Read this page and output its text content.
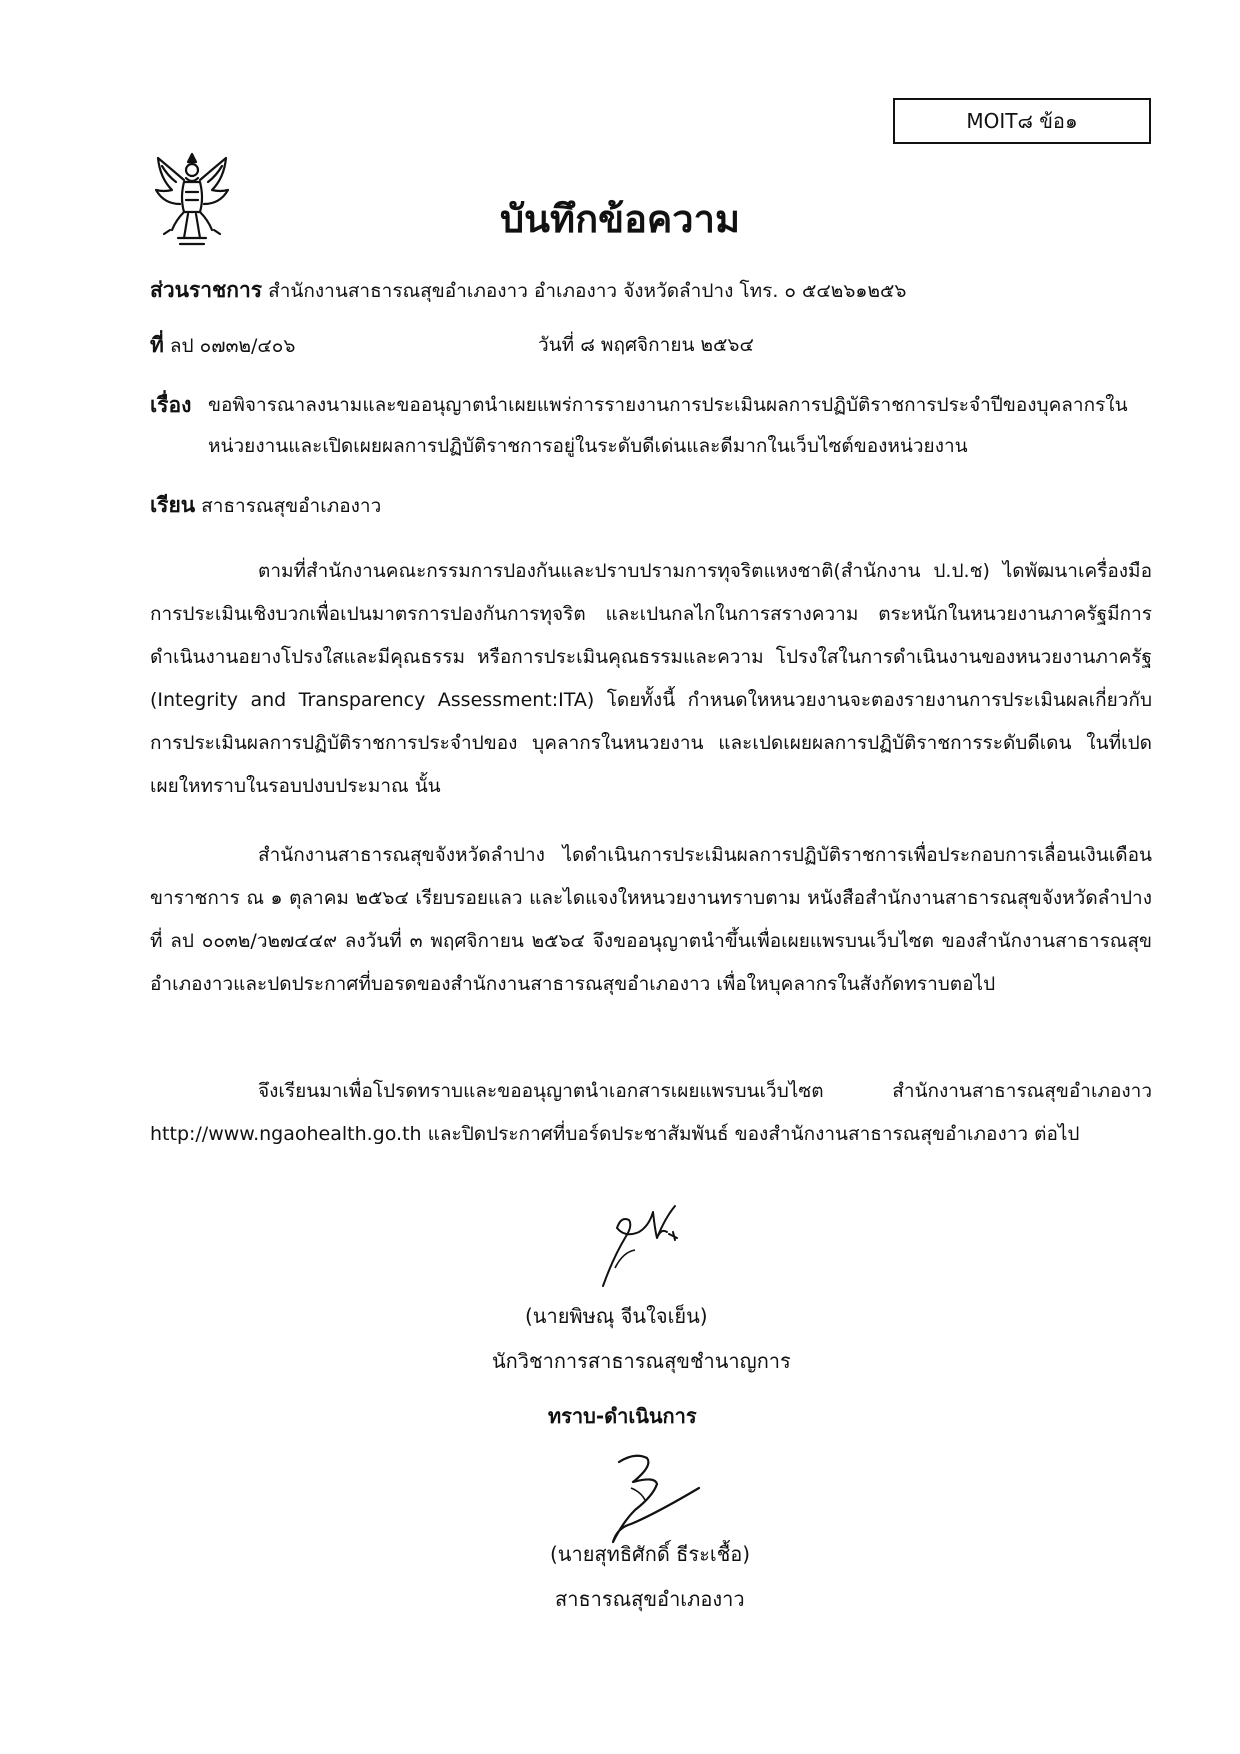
MOIT๘ ข้อ๑
บันทึกข้อความ
ส่วนราชการ สำนักงานสาธารณสุขอำเภองาว อำเภองาว จังหวัดลำปาง โทร. ๐ ๕๔๒๖๑๒๕๖
ที่ ลป ๐๗๓๒/๔๐๖	วันที่ ๘ พฤศจิกายน ๒๕๖๔
เรื่อง ขอพิจารณาลงนามและขออนุญาตนำเผยแพร่การรายงานการประเมินผลการปฏิบัติราชการประจำปีของบุคลากรในหน่วยงานและเปิดเผยผลการปฏิบัติราชการอยู่ในระดับดีเด่นและดีมากในเว็บไซต์ของหน่วยงาน
เรียน สาธารณสุขอำเภองาว
ตามที่สำนักงานคณะกรรมการปองกันและปราบปรามการทุจริตแหงชาติ(สำนักงาน ป.ป.ช) ไดพัฒนาเครื่องมือการประเมินเชิงบวกเพื่อเปนมาตรการปองกันการทุจริต และเปนกลไกในการสรางความ ตระหนักในหนวยงานภาครัฐมีการดำเนินงานอยางโปรงใสและมีคุณธรรม หรือการประเมินคุณธรรมและความ โปรงใสในการดำเนินงานของหนวยงานภาครัฐ (Integrity and Transparency Assessment:ITA) โดยทั้งนี้ กำหนดใหหนวยงานจะตองรายงานการประเมินผลเกี่ยวกับการประเมินผลการปฏิบัติราชการประจำปของ บุคลากรในหนวยงาน และเปดเผยผลการปฏิบัติราชการระดับดีเดน ในที่เปดเผยใหทราบในรอบปงบประมาณ นั้น
สำนักงานสาธารณสุขจังหวัดลำปาง ไดดำเนินการประเมินผลการปฏิบัติราชการเพื่อประกอบการเลื่อนเงินเดือนขาราชการ ณ ๑ ตุลาคม ๒๕๖๔ เรียบรอยแลว และไดแจงใหหนวยงานทราบตาม หนังสือสำนักงานสาธารณสุขจังหวัดลำปาง ที่ ลป ๐๐๓๒/ว๒๗๔๔๙ ลงวันที่ ๓ พฤศจิกายน ๒๕๖๔ จึงขออนุญาตนำขึ้นเพื่อเผยแพรบนเว็บไซต ของสำนักงานสาธารณสุขอำเภองาวและปดประกาศที่บอรดของสำนักงานสาธารณสุขอำเภองาว เพื่อใหบุคลากรในสังกัดทราบตอไป
จึงเรียนมาเพื่อโปรดทราบและขออนุญาตนำเอกสารเผยแพรบนเว็บไซต สำนักงานสาธารณสุขอำเภองาว http://www.ngaohealth.go.th และปิดประกาศที่บอร์ดประชาสัมพันธ์ ของสำนักงานสาธารณสุขอำเภองาว ต่อไป
(นายพิษณุ จีนใจเย็น)
นักวิชาการสาธารณสุขชำนาญการ
ทราบ-ดำเนินการ
(นายสุทธิศักดิ์ ธีระเชื้อ)
สาธารณสุขอำเภองาว
